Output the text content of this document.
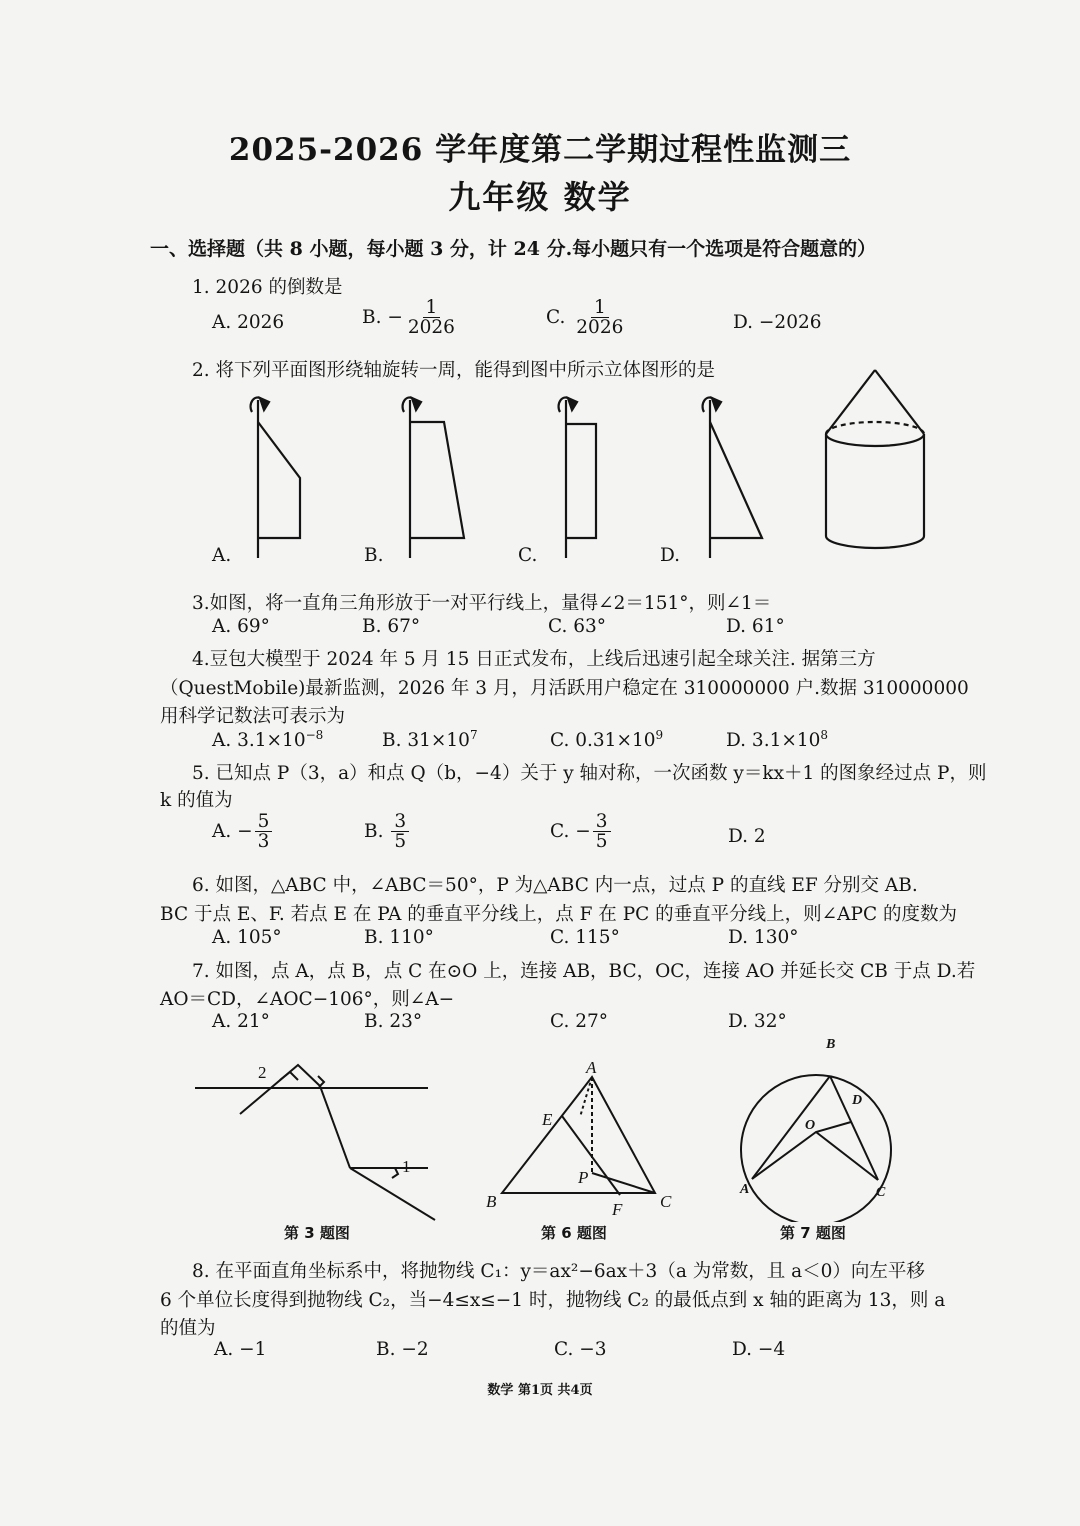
2025-2026 学年度第二学期过程性监测三
九年级 数学
一、选择题（共 8 小题，每小题 3 分，计 24 分.每小题只有一个选项是符合题意的）
1. 2026 的倒数是
A. 2026	B. − $\frac{1}{2026}$	C. $\frac{1}{2026}$	D. −2026
2. 将下列平面图形绕轴旋转一周，能得到图中所示立体图形的是
A.	B.	C.	D.
3.如图，将一直角三角形放于一对平行线上，量得∠2＝151°，则∠1＝
A. 69°	B. 67°	C. 63°	D. 61°
4.豆包大模型于 2024 年 5 月 15 日正式发布，上线后迅速引起全球关注. 据第三方
（QuestMobile)最新监测，2026 年 3 月，月活跃用户稳定在 310000000 户.数据 310000000
用科学记数法可表示为
A. $3.1\times 10^{-8}$	B. $31\times 10^7$	C. $0.31\times 10^9$	D. $3.1\times 10^8$
5. 已知点 P（3，a）和点 Q（b，−4）关于 y 轴对称，一次函数 y＝kx＋1 的图象经过点 P，则
k 的值为
A. − $\frac{5}{3}$	B. $\frac{3}{5}$	C. − $\frac{3}{5}$	D. 2
6. 如图，△ABC 中，∠ABC＝50°，P 为△ABC 内一点，过点 P 的直线 EF 分别交 AB.
BC 于点 E、F. 若点 E 在 PA 的垂直平分线上，点 F 在 PC 的垂直平分线上，则∠APC 的度数为
A. 105°	B. 110°	C. 115°	D. 130°
7. 如图，点 A，点 B，点 C 在⊙O 上，连接 AB，BC，OC，连接 AO 并延长交 CB 于点 D.若
AO＝CD，∠AOC−106°，则∠A−
A. 21°	B. 23°	C. 27°	D. 32°
2
1
第 3 题图
A
E
P
B	F C
第 6 题图
B
D
O
A	C
第 7 题图
8. 在平面直角坐标系中，将抛物线 C₁：y＝ax²−6ax＋3（a 为常数，且 a＜0）向左平移
6 个单位长度得到抛物线 C₂，当−4≤x≤−1 时，抛物线 C₂ 的最低点到 x 轴的距离为 13，则 a
的值为
A. −1	B. −2	C. −3	D. −4
数学 第1页 共4页
